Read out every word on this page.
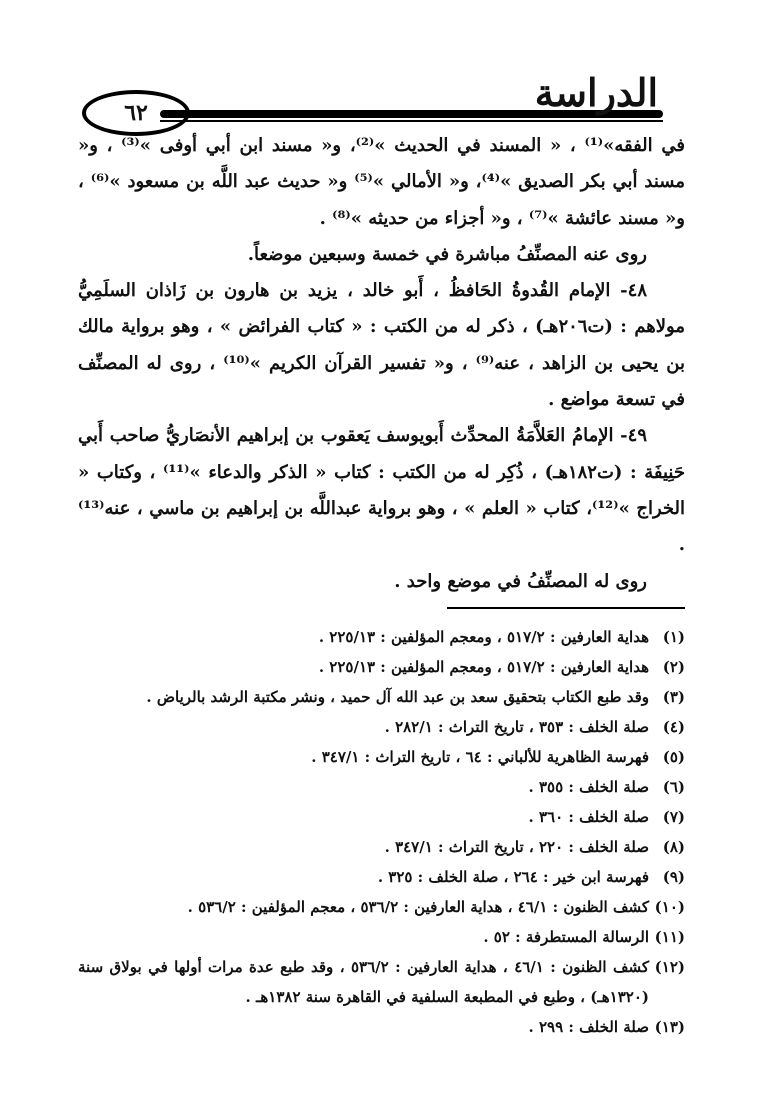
٦٢	الدراسة

في الفقه»⁽¹⁾ ، « المسند في الحديث »⁽²⁾، و« مسند ابن أبي أوفى »⁽³⁾ ، و« مسند أبي بكر الصديق »⁽⁴⁾، و« الأمالي »⁽⁵⁾ و« حديث عبد اللَّه بن مسعود »⁽⁶⁾ ، و« مسند عائشة »⁽⁷⁾ ، و« أجزاء من حديثه »⁽⁸⁾ .

روى عنه المصنِّفُ مباشرة في خمسة وسبعين موضعاً.

٤٨- الإمام القُدوةُ الحَافظُ ، أَبو خالد ، يزيد بن هارون بن زَاذان السلَمِيُّ مولاهم : (ت٢٠٦هـ) ، ذكر له من الكتب : « كتاب الفرائض » ، وهو برواية مالك بن يحيى بن الزاهد ، عنه⁽⁹⁾ ، و« تفسير القرآن الكريم »⁽¹⁰⁾ ، روى له المصنِّف في تسعة مواضع .

٤٩- الإمامُ العَلاَّمَةُ المحدِّث أَبويوسف يَعقوب بن إبراهيم الأنصَاريُّ صاحب أَبي حَنِيفَة : (ت١٨٢هـ) ، ذُكِر له من الكتب : كتاب « الذكر والدعاء »⁽¹¹⁾ ، وكتاب « الخراج »⁽¹²⁾، كتاب « العلم » ، وهو برواية عبداللَّه بن إبراهيم بن ماسي ، عنه⁽¹³⁾ .

روى له المصنِّفُ في موضع واحد .

(١)
هداية العارفين : ٥١٧/٢ ، ومعجم المؤلفين : ٢٢٥/١٣ .
(٢)
هداية العارفين : ٥١٧/٢ ، ومعجم المؤلفين : ٢٢٥/١٣ .
(٣)
وقد طبع الكتاب بتحقيق سعد بن عبد الله آل حميد ، ونشر مكتبة الرشد بالرياض .
(٤)
صلة الخلف : ٣٥٣ ، تاريخ التراث : ٢٨٢/١ .
(٥)
فهرسة الظاهرية للألباني : ٦٤ ، تاريخ التراث : ٣٤٧/١ .
(٦)
صلة الخلف : ٣٥٥ .
(٧)
صلة الخلف : ٣٦٠ .
(٨)
صلة الخلف : ٢٢٠ ، تاريخ التراث : ٣٤٧/١ .
(٩)
فهرسة ابن خير : ٢٦٤ ، صلة الخلف : ٣٢٥ .
(١٠)
كشف الظنون : ٤٦/١ ، هداية العارفين : ٥٣٦/٢ ، معجم المؤلفين : ٥٣٦/٢ .
(١١)
الرسالة المستطرفة : ٥٢ .
(١٢)
كشف الظنون : ٤٦/١ ، هداية العارفين : ٥٣٦/٢ ، وقد طبع عدة مرات أولها في بولاق سنة (١٣٢٠هـ) ، وطبع في المطبعة السلفية في القاهرة سنة ١٣٨٢هـ .
(١٣)
صلة الخلف : ٢٩٩ .
